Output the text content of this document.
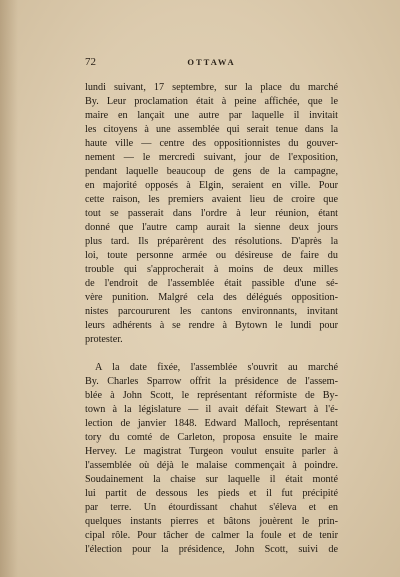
72	OTTAWA
lundi suivant, 17 septembre, sur la place du marché
By. Leur proclamation était à peine affichée, que le
maire en lançait une autre par laquelle il invitait
les citoyens à une assemblée qui serait tenue dans la
haute ville — centre des oppositionnistes du gouver-
nement — le mercredi suivant, jour de l'exposition,
pendant laquelle beaucoup de gens de la campagne,
en majorité opposés à Elgin, seraient en ville. Pour
cette raison, les premiers avaient lieu de croire que
tout se passerait dans l'ordre à leur réunion, étant
donné que l'autre camp aurait la sienne deux jours
plus tard. Ils préparèrent des résolutions. D'après la
loi, toute personne armée ou désireuse de faire du
trouble qui s'approcherait à moins de deux milles
de l'endroit de l'assemblée était passible d'une sé-
vère punition. Malgré cela des délégués opposition-
nistes parcoururent les cantons environnants, invitant
leurs adhérents à se rendre à Bytown le lundi pour
protester.
A la date fixée, l'assemblée s'ouvrit au marché
By. Charles Sparrow offrit la présidence de l'assem-
blée à John Scott, le représentant réformiste de By-
town à la législature — il avait défait Stewart à l'é-
lection de janvier 1848. Edward Malloch, représentant
tory du comté de Carleton, proposa ensuite le maire
Hervey. Le magistrat Turgeon voulut ensuite parler à
l'assemblée où déjà le malaise commençait à poindre.
Soudainement la chaise sur laquelle il était monté
lui partit de dessous les pieds et il fut précipité
par terre. Un étourdissant chahut s'éleva et en
quelques instants pierres et bâtons jouèrent le prin-
cipal rôle. Pour tâcher de calmer la foule et de tenir
l'élection pour la présidence, John Scott, suivi de
